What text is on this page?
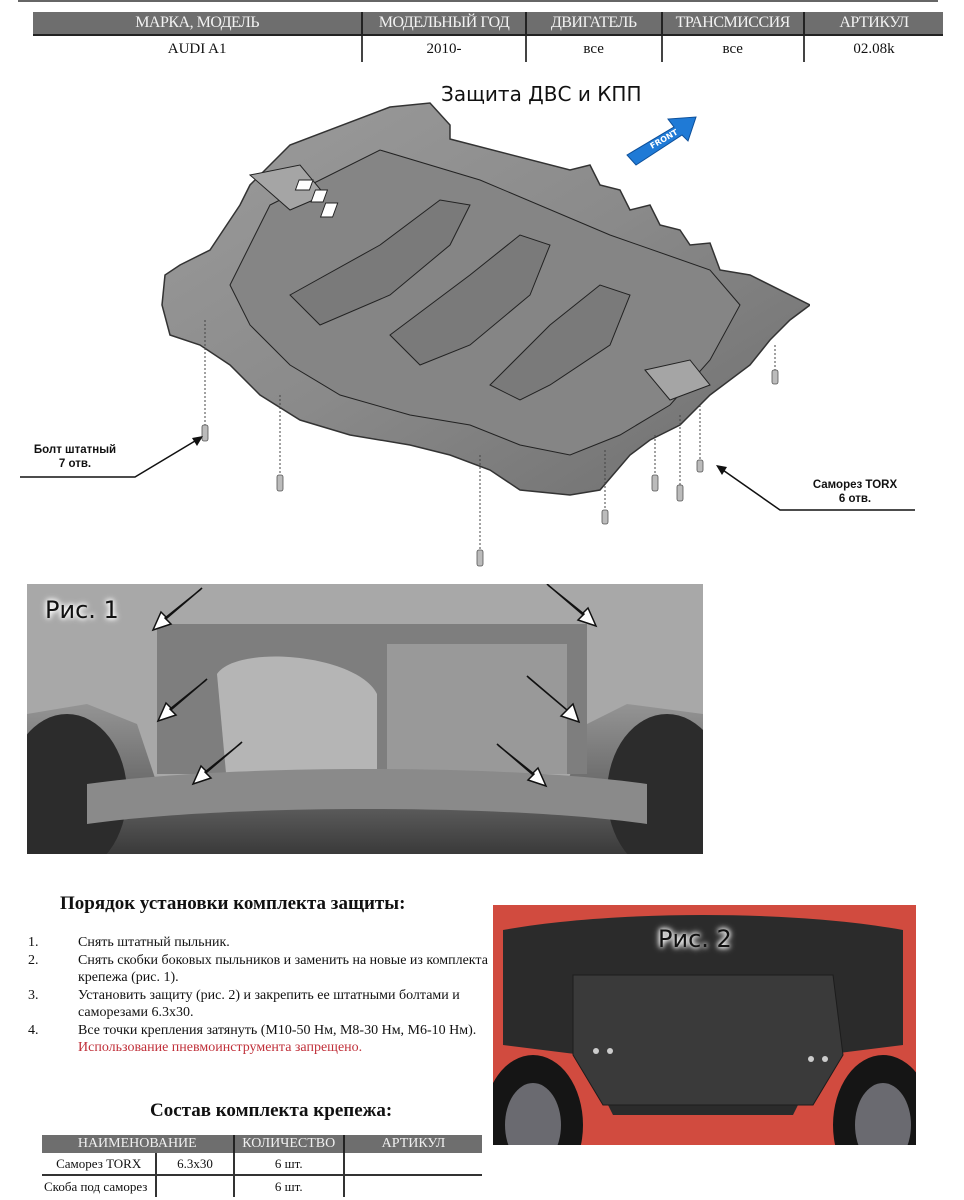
МАРКА, МОДЕЛЬ	МОДЕЛЬНЫЙ ГОД	ДВИГАТЕЛЬ	ТРАНСМИССИЯ	АРТИКУЛ
AUDI A1	2010-	все	все	02.08k
Защита ДВС и КПП
FRONT
Болт штатный
7 отв.
Саморез TORX
6 отв.
Рис. 1
Порядок установки комплекта защиты:
1.	Снять штатный пыльник.
2.	Снять скобки боковых пыльников и заменить на новые из комплекта крепежа (рис. 1).
3.	Установить защиту (рис. 2) и закрепить ее штатными болтами и саморезами 6.3x30.
4.	Все точки крепления затянуть (M10-50 Нм, M8-30 Нм, M6-10 Нм).    Использование пневмоинструмента запрещено.
Состав комплекта крепежа:
НАИМЕНОВАНИЕ		КОЛИЧЕСТВО	АРТИКУЛ
Саморез TORX	6.3x30	6 шт.	
Скоба под саморез		6 шт.	
Рис. 2
